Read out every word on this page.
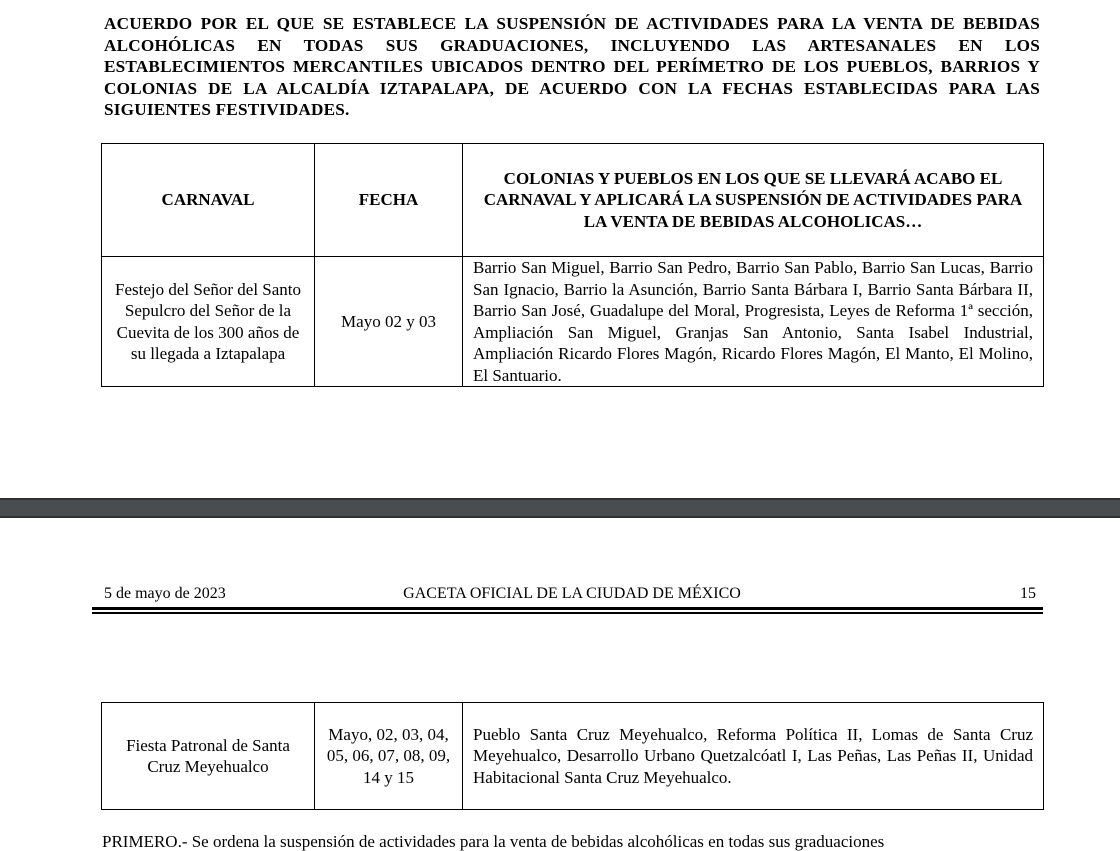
ACUERDO POR EL QUE SE ESTABLECE LA SUSPENSIÓN DE ACTIVIDADES PARA LA VENTA DE BEBIDAS ALCOHÓLICAS EN TODAS SUS GRADUACIONES, INCLUYENDO LAS ARTESANALES EN LOS ESTABLECIMIENTOS MERCANTILES UBICADOS DENTRO DEL PERÍMETRO DE LOS PUEBLOS, BARRIOS Y COLONIAS DE LA ALCALDÍA IZTAPALAPA, DE ACUERDO CON LA FECHAS ESTABLECIDAS PARA LAS SIGUIENTES FESTIVIDADES.
CARNAVAL	FECHA	COLONIAS Y PUEBLOS EN LOS QUE SE LLEVARÁ ACABO EL CARNAVAL Y APLICARÁ LA SUSPENSIÓN DE ACTIVIDADES PARA LA VENTA DE BEBIDAS ALCOHOLICAS…
Festejo del Señor del Santo Sepulcro del Señor de la Cuevita de los 300 años de su llegada a Iztapalapa	Mayo 02 y 03	Barrio San Miguel, Barrio San Pedro, Barrio San Pablo, Barrio San Lucas, Barrio San Ignacio, Barrio la Asunción, Barrio Santa Bárbara I, Barrio Santa Bárbara II, Barrio San José, Guadalupe del Moral, Progresista, Leyes de Reforma 1ª sección, Ampliación San Miguel, Granjas San Antonio, Santa Isabel Industrial, Ampliación Ricardo Flores Magón, Ricardo Flores Magón, El Manto, El Molino, El Santuario.
GACETA OFICIAL DE LA CIUDAD DE MÉXICO
5 de mayo de 2023	15
PRIMERO.- Se ordena la suspensión de actividades para la venta de bebidas alcohólicas en todas sus graduaciones
Fiesta Patronal de Santa Cruz Meyehualco	Mayo, 02, 03, 04, 05, 06, 07, 08, 09, 14 y 15	Pueblo Santa Cruz Meyehualco, Reforma Política II, Lomas de Santa Cruz Meyehualco, Desarrollo Urbano Quetzalcóatl I, Las Peñas, Las Peñas II, Unidad Habitacional Santa Cruz Meyehualco.
